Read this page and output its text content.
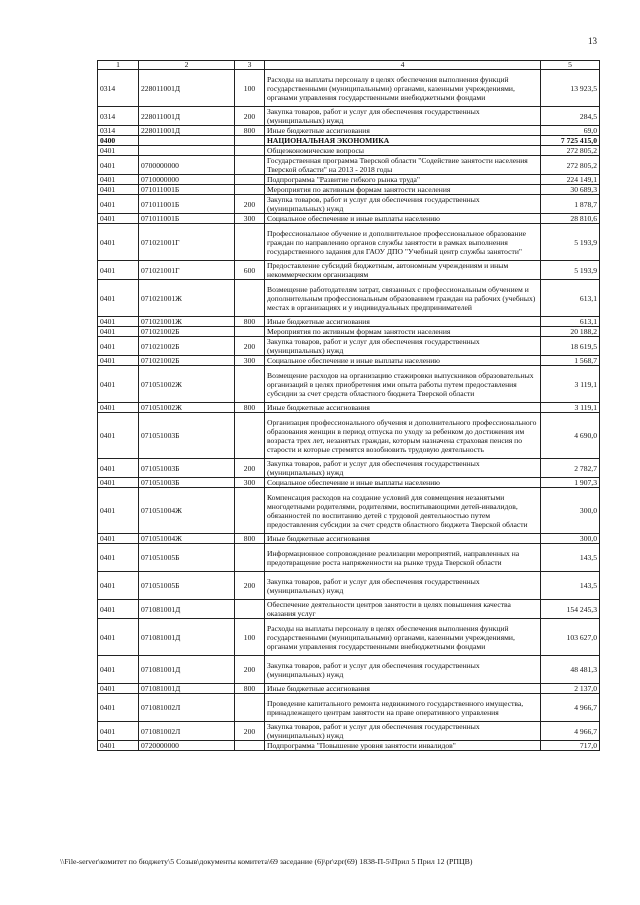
13
1	2	3	4	5
0314	228011001Д	100	Расходы на выплаты персоналу в целях обеспечения выполнения функций государственными (муниципальными) органами, казенными учреждениями, органами управления государственными внебюджетными фондами	13 923,5
0314	228011001Д	200	Закупка товаров, работ и услуг для обеспечения государственных (муниципальных) нужд	284,5
0314	228011001Д	800	Иные бюджетные ассигнования	69,0
0400			НАЦИОНАЛЬНАЯ ЭКОНОМИКА	7 725 415,0
0401			Общеэкономические вопросы	272 805,2
0401	0700000000		Государственная программа Тверской области "Содействие занятости населения Тверской области" на 2013 - 2018 годы	272 805,2
0401	0710000000		Подпрограмма "Развитие гибкого рынка труда"	224 149,1
0401	071011001Б		Мероприятия по активным формам занятости населения	30 689,3
0401	071011001Б	200	Закупка товаров, работ и услуг для обеспечения государственных (муниципальных) нужд	1 878,7
0401	071011001Б	300	Социальное обеспечение и иные выплаты населению	28 810,6
0401	071021001Г		Профессиональное обучение и дополнительное профессиональное образование граждан по направлению органов службы занятости в рамках выполнения государственного задания для ГАОУ ДПО "Учебный центр службы занятости"	5 193,9
0401	071021001Г	600	Предоставление субсидий бюджетным, автономным учреждениям и иным некоммерческим организациям	5 193,9
0401	071021001Ж		Возмещение работодателям затрат, связанных с профессиональным обучением и дополнительным профессиональным образованием граждан на рабочих (учебных) местах в организациях и у индивидуальных предпринимателей	613,1
0401	071021001Ж	800	Иные бюджетные ассигнования	613,1
0401	071021002Б		Мероприятия по активным формам занятости населения	20 188,2
0401	071021002Б	200	Закупка товаров, работ и услуг для обеспечения государственных (муниципальных) нужд	18 619,5
0401	071021002Б	300	Социальное обеспечение и иные выплаты населению	1 568,7
0401	071051002Ж		Возмещение расходов на организацию стажировки выпускников образовательных организаций в целях приобретения ими опыта работы путем предоставления субсидии за счет средств областного бюджета Тверской области	3 119,1
0401	071051002Ж	800	Иные бюджетные ассигнования	3 119,1
0401	071051003Б		Организация профессионального обучения и дополнительного профессионального образования женщин в период отпуска по уходу за ребенком до достижения им возраста трех лет, незанятых граждан, которым назначена страховая пенсия по старости и которые стремятся возобновить трудовую деятельность	4 690,0
0401	071051003Б	200	Закупка товаров, работ и услуг для обеспечения государственных (муниципальных) нужд	2 782,7
0401	071051003Б	300	Социальное обеспечение и иные выплаты населению	1 907,3
0401	071051004Ж		Компенсация расходов на создание условий для совмещения незанятыми многодетными родителями, родителями, воспитывающими детей-инвалидов, обязанностей по воспитанию детей с трудовой деятельностью путем предоставления субсидии за счет средств областного бюджета Тверской области	300,0
0401	071051004Ж	800	Иные бюджетные ассигнования	300,0
0401	071051005Б		Информационное сопровождение реализации мероприятий, направленных на предотвращение роста напряженности на рынке труда Тверской области	143,5
0401	071051005Б	200	Закупка товаров, работ и услуг для обеспечения государственных (муниципальных) нужд	143,5
0401	071081001Д		Обеспечение деятельности центров занятости в целях повышения качества оказания услуг	154 245,3
0401	071081001Д	100	Расходы на выплаты персоналу в целях обеспечения выполнения функций государственными (муниципальными) органами, казенными учреждениями, органами управления государственными внебюджетными фондами	103 627,0
0401	071081001Д	200	Закупка товаров, работ и услуг для обеспечения государственных (муниципальных) нужд	48 481,3
0401	071081001Д	800	Иные бюджетные ассигнования	2 137,0
0401	071081002Л		Проведение капитального ремонта недвижимого государственного имущества, принадлежащего центрам занятости на праве оперативного управления	4 966,7
0401	071081002Л	200	Закупка товаров, работ и услуг для обеспечения государственных (муниципальных) нужд	4 966,7
0401	0720000000		Подпрограмма "Повышение уровня занятости инвалидов"	717,0
\\File-server\комитет по бюджету\5 Созыв\документы комитета\69 заседание (6)\pr\zpr(69) 1838-П-5\Прил 5 Прил 12 (РПЦВ)
